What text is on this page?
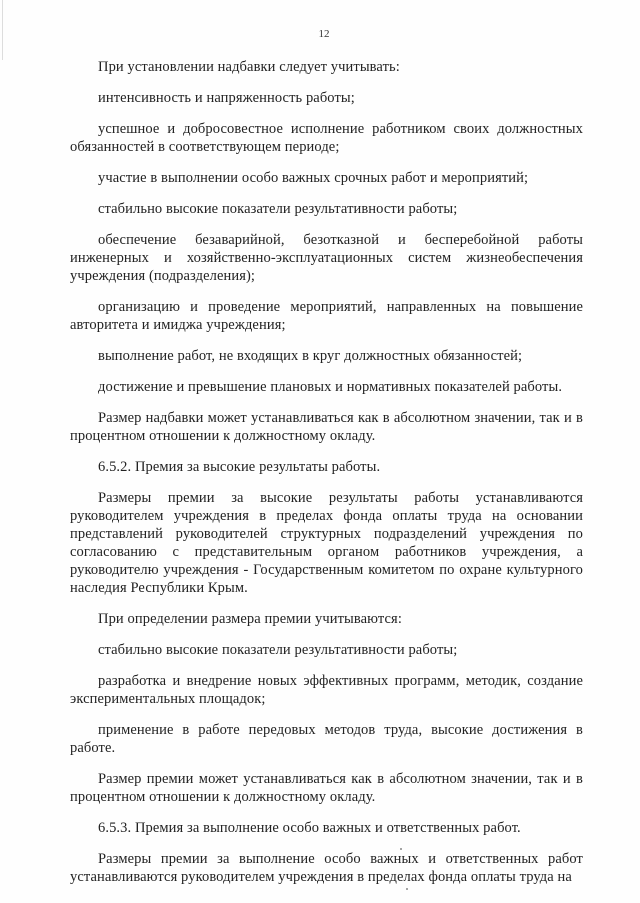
12

При установлении надбавки следует учитывать:

интенсивность и напряженность работы;

успешное и добросовестное исполнение работником своих должностных обязанностей в соответствующем периоде;

участие в выполнении особо важных срочных работ и мероприятий;

стабильно высокие показатели результативности работы;

обеспечение безаварийной, безотказной и бесперебойной работы инженерных и хозяйственно-эксплуатационных систем жизнеобеспечения учреждения (подразделения);

организацию и проведение мероприятий, направленных на повышение авторитета и имиджа учреждения;

выполнение работ, не входящих в круг должностных обязанностей;

достижение и превышение плановых и нормативных показателей работы.

Размер надбавки может устанавливаться как в абсолютном значении, так и в процентном отношении к должностному окладу.

6.5.2. Премия за высокие результаты работы.

Размеры премии за высокие результаты работы устанавливаются руководителем учреждения в пределах фонда оплаты труда на основании представлений руководителей структурных подразделений учреждения по согласованию с представительным органом работников учреждения, а руководителю учреждения - Государственным комитетом по охране культурного наследия Республики Крым.

При определении размера премии учитываются:

стабильно высокие показатели результативности работы;

разработка и внедрение новых эффективных программ, методик, создание экспериментальных площадок;

применение в работе передовых методов труда, высокие достижения в работе.

Размер премии может устанавливаться как в абсолютном значении, так и в процентном отношении к должностному окладу.

6.5.3. Премия за выполнение особо важных и ответственных работ.

Размеры премии за выполнение особо важных и ответственных работ устанавливаются руководителем учреждения в пределах фонда оплаты труда на
